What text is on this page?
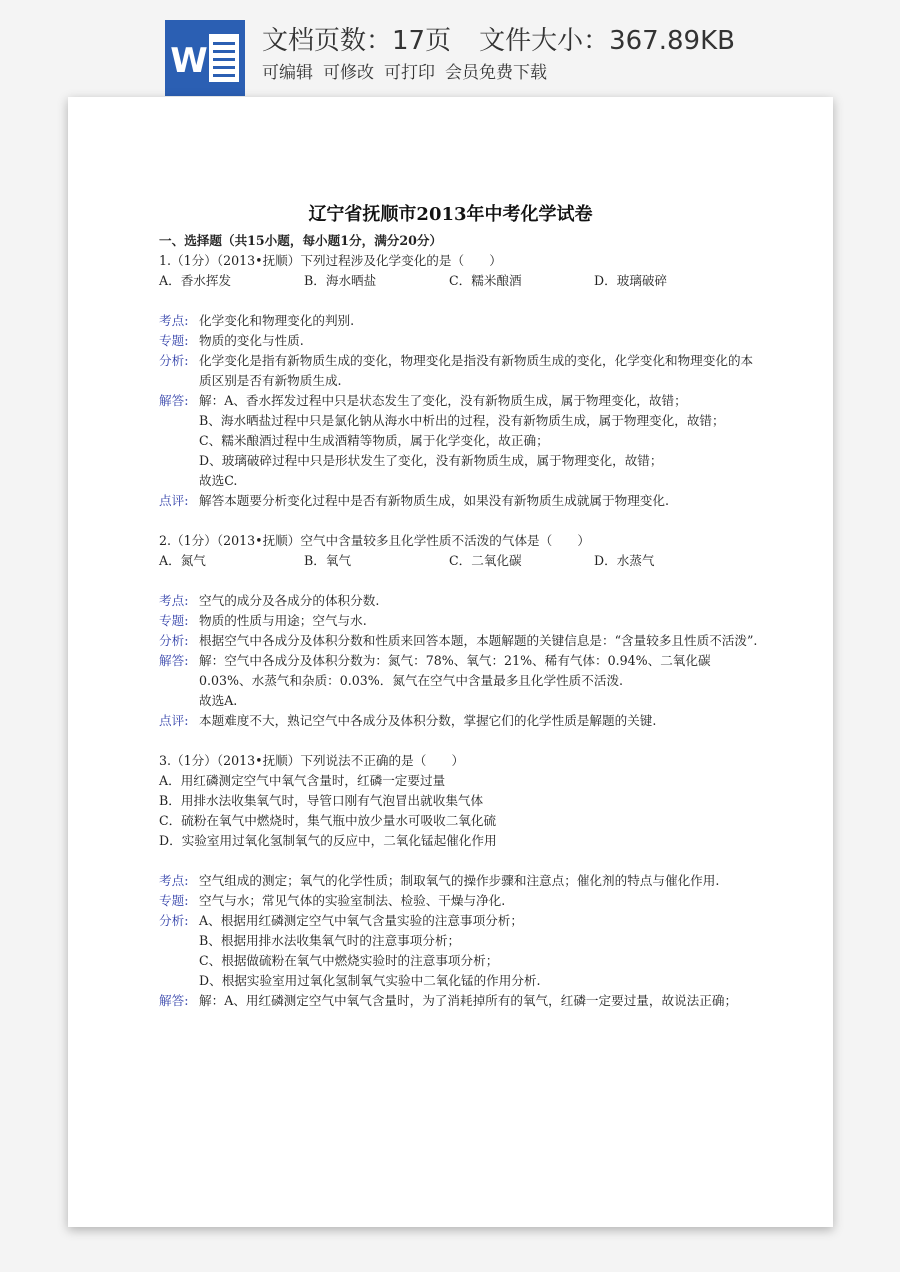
W 文档页数：17页 文件大小：367.89KB
可编辑 可修改 可打印 会员免费下载
辽宁省抚顺市2013年中考化学试卷
一、选择题（共15小题，每小题1分，满分20分）
1.（1分）（2013•抚顺）下列过程涉及化学变化的是（　　）
A．香水挥发	B．海水晒盐	C．糯米酿酒	D．玻璃破碎
考点: 化学变化和物理变化的判别.
专题: 物质的变化与性质.
分析: 化学变化是指有新物质生成的变化，物理变化是指没有新物质生成的变化，化学变化和物理变化的本质区别是否有新物质生成.
解答: 解：A、香水挥发过程中只是状态发生了变化，没有新物质生成，属于物理变化，故错；
B、海水晒盐过程中只是氯化钠从海水中析出的过程，没有新物质生成，属于物理变化，故错；
C、糯米酿酒过程中生成酒精等物质，属于化学变化，故正确；
D、玻璃破碎过程中只是形状发生了变化，没有新物质生成，属于物理变化，故错；
故选C.
点评: 解答本题要分析变化过程中是否有新物质生成，如果没有新物质生成就属于物理变化.
2.（1分）（2013•抚顺）空气中含量较多且化学性质不活泼的气体是（　　）
A．氮气	B．氧气	C．二氧化碳	D．水蒸气
考点: 空气的成分及各成分的体积分数.
专题: 物质的性质与用途；空气与水.
分析: 根据空气中各成分及体积分数和性质来回答本题，本题解题的关键信息是：“含量较多且性质不活泼”.
解答: 解：空气中各成分及体积分数为：氮气：78%、氧气：21%、稀有气体：0.94%、二氧化碳0.03%、水蒸气和杂质：0.03%．氮气在空气中含量最多且化学性质不活泼.
故选A.
点评: 本题难度不大，熟记空气中各成分及体积分数，掌握它们的化学性质是解题的关键.
3.（1分）（2013•抚顺）下列说法不正确的是（　　）
A．用红磷测定空气中氧气含量时，红磷一定要过量
B．用排水法收集氧气时，导管口刚有气泡冒出就收集气体
C．硫粉在氧气中燃烧时，集气瓶中放少量水可吸收二氧化硫
D．实验室用过氧化氢制氧气的反应中，二氧化锰起催化作用
考点: 空气组成的测定；氧气的化学性质；制取氧气的操作步骤和注意点；催化剂的特点与催化作用.
专题: 空气与水；常见气体的实验室制法、检验、干燥与净化.
分析: A、根据用红磷测定空气中氧气含量实验的注意事项分析；
B、根据用排水法收集氧气时的注意事项分析；
C、根据做硫粉在氧气中燃烧实验时的注意事项分析；
D、根据实验室用过氧化氢制氧气实验中二氧化锰的作用分析.
解答: 解：A、用红磷测定空气中氧气含量时，为了消耗掉所有的氧气，红磷一定要过量，故说法正确；
